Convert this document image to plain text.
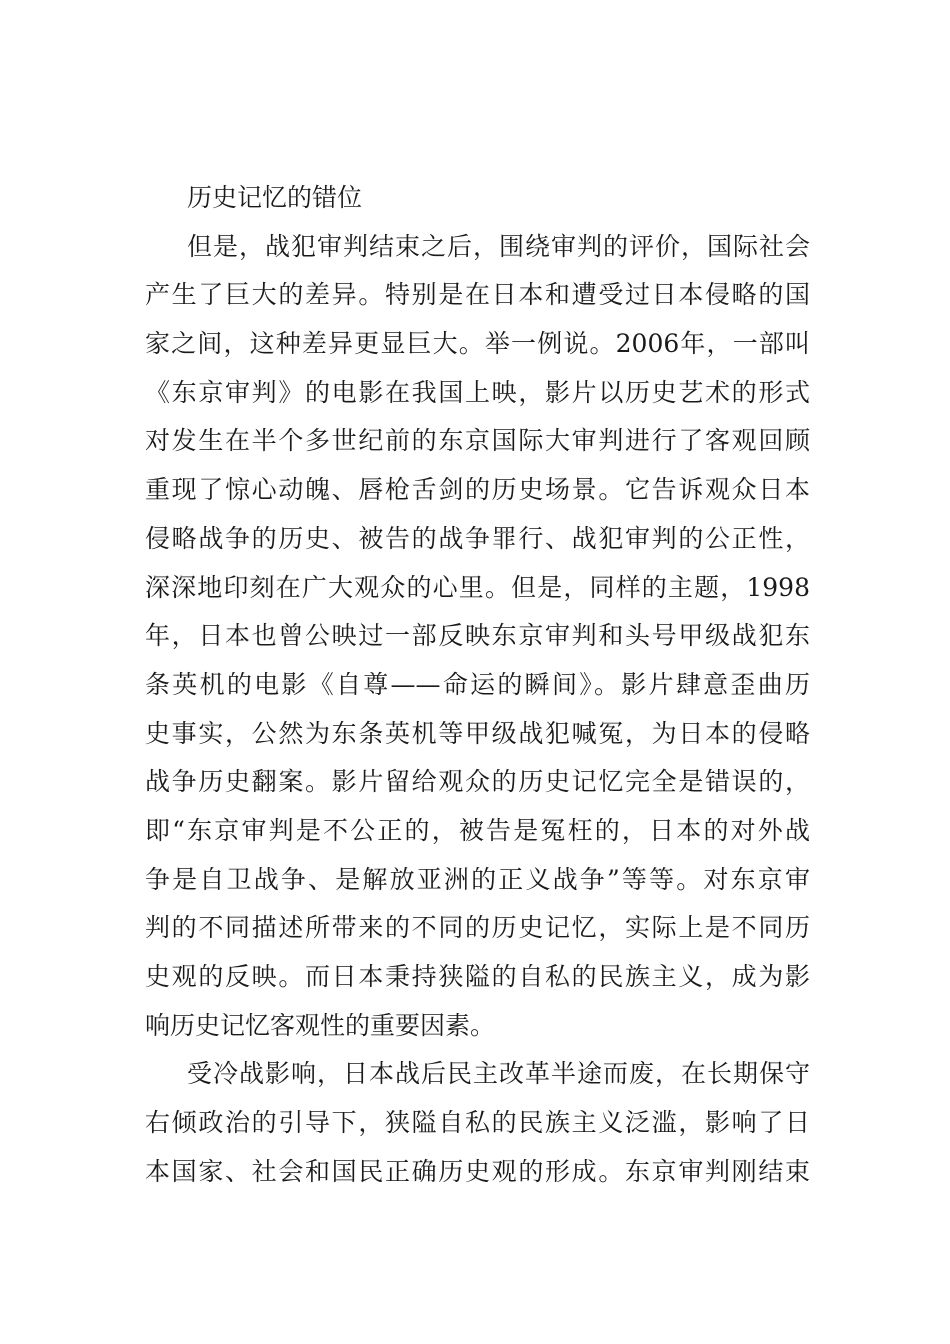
历史记忆的错位
但是，战犯审判结束之后，围绕审判的评价，国际社会
产生了巨大的差异。特别是在日本和遭受过日本侵略的国
家之间，这种差异更显巨大。举一例说。2006年，一部叫
《东京审判》的电影在我国上映，影片以历史艺术的形式
对发生在半个多世纪前的东京国际大审判进行了客观回顾
重现了惊心动魄、唇枪舌剑的历史场景。它告诉观众日本
侵略战争的历史、被告的战争罪行、战犯审判的公正性，
深深地印刻在广大观众的心里。但是，同样的主题，1998
年，日本也曾公映过一部反映东京审判和头号甲级战犯东
条英机的电影《自尊——命运的瞬间》。影片肆意歪曲历
史事实，公然为东条英机等甲级战犯喊冤，为日本的侵略
战争历史翻案。影片留给观众的历史记忆完全是错误的，
即“东京审判是不公正的，被告是冤枉的，日本的对外战
争是自卫战争、是解放亚洲的正义战争”等等。对东京审
判的不同描述所带来的不同的历史记忆，实际上是不同历
史观的反映。而日本秉持狭隘的自私的民族主义，成为影
响历史记忆客观性的重要因素。
受冷战影响，日本战后民主改革半途而废，在长期保守
右倾政治的引导下，狭隘自私的民族主义泛滥，影响了日
本国家、社会和国民正确历史观的形成。东京审判刚结束
